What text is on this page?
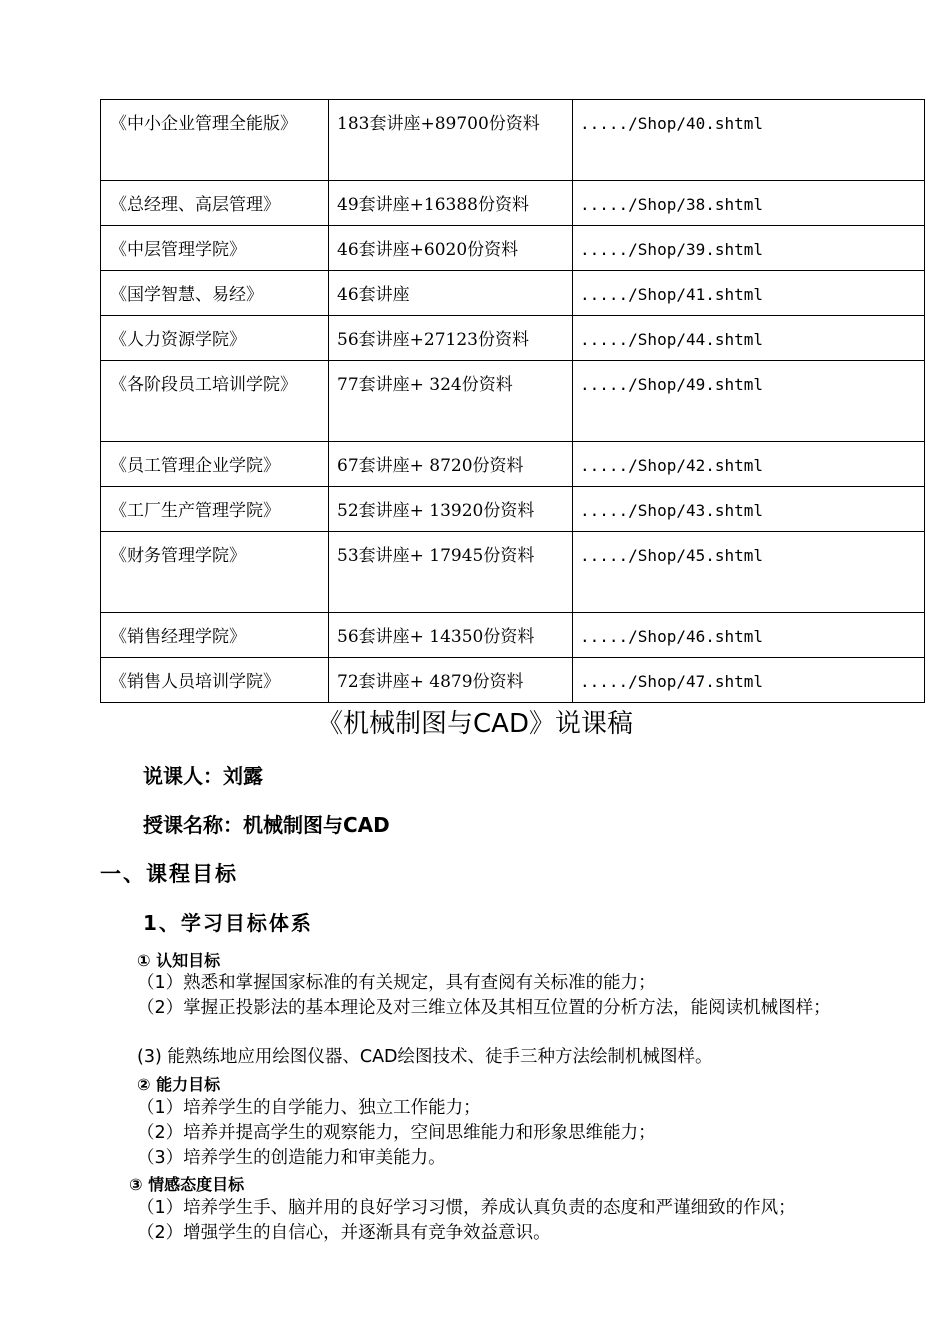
《中小企业管理全能版》	183套讲座+89700份资料	...../Shop/40.shtml
《总经理、高层管理》	49套讲座+16388份资料	...../Shop/38.shtml
《中层管理学院》	46套讲座+6020份资料	...../Shop/39.shtml
《国学智慧、易经》	46套讲座	...../Shop/41.shtml
《人力资源学院》	56套讲座+27123份资料	...../Shop/44.shtml
《各阶段员工培训学院》	77套讲座+ 324份资料	...../Shop/49.shtml
《员工管理企业学院》	67套讲座+ 8720份资料	...../Shop/42.shtml
《工厂生产管理学院》	52套讲座+ 13920份资料	...../Shop/43.shtml
《财务管理学院》	53套讲座+ 17945份资料	...../Shop/45.shtml
《销售经理学院》	56套讲座+ 14350份资料	...../Shop/46.shtml
《销售人员培训学院》	72套讲座+ 4879份资料	...../Shop/47.shtml
《机械制图与CAD》说课稿
说课人：刘露
授课名称：机械制图与CAD
一、课程目标
1、学习目标体系
① 认知目标
（1）熟悉和掌握国家标准的有关规定，具有查阅有关标准的能力；
（2）掌握正投影法的基本理论及对三维立体及其相互位置的分析方法，能阅读机械图样；
(3) 能熟练地应用绘图仪器、CAD绘图技术、徒手三种方法绘制机械图样。
② 能力目标
（1）培养学生的自学能力、独立工作能力；
（2）培养并提高学生的观察能力，空间思维能力和形象思维能力；
（3）培养学生的创造能力和审美能力。
③ 情感态度目标
（1）培养学生手、脑并用的良好学习习惯，养成认真负责的态度和严谨细致的作风；
（2）增强学生的自信心，并逐渐具有竞争效益意识。
